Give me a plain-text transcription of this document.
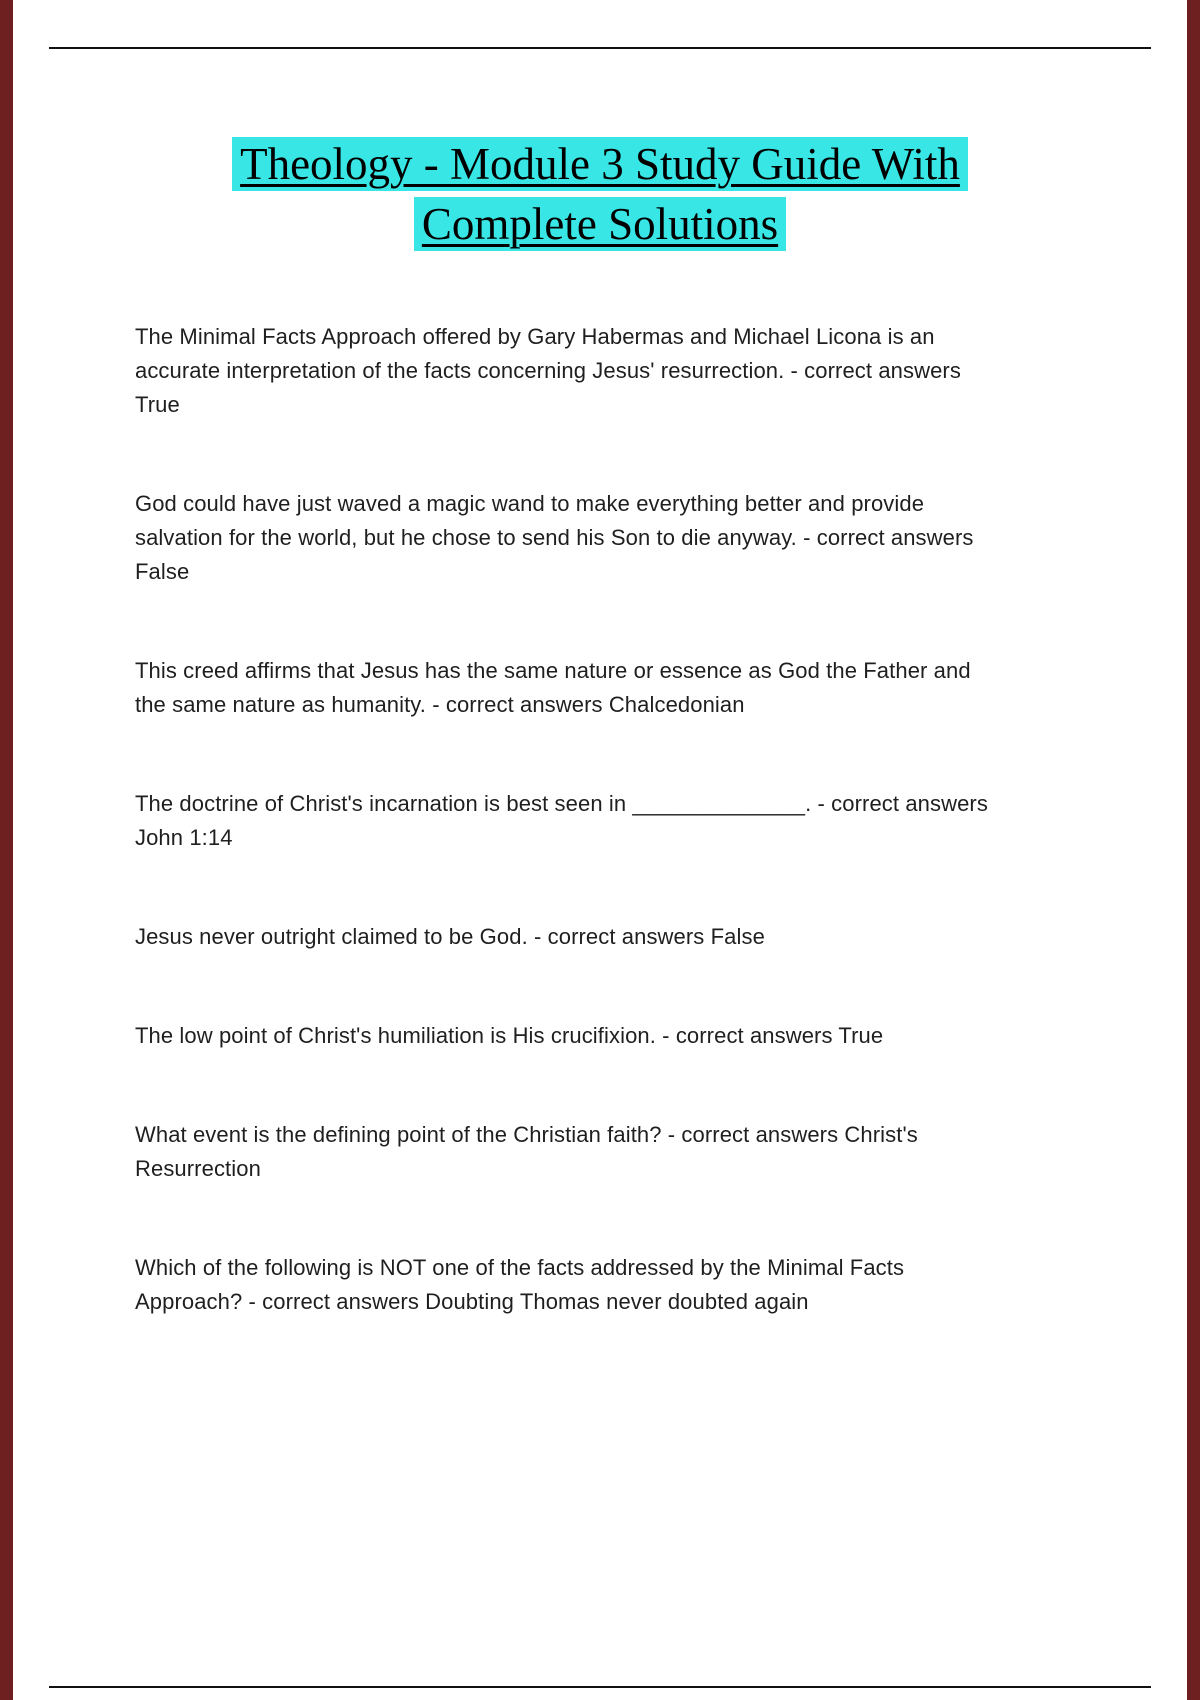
Theology - Module 3 Study Guide With Complete Solutions

The Minimal Facts Approach offered by Gary Habermas and Michael Licona is an accurate interpretation of the facts concerning Jesus' resurrection. - correct answers True

God could have just waved a magic wand to make everything better and provide salvation for the world, but he chose to send his Son to die anyway. - correct answers False

This creed affirms that Jesus has the same nature or essence as God the Father and the same nature as humanity. - correct answers Chalcedonian

The doctrine of Christ's incarnation is best seen in ______________. - correct answers John 1:14

Jesus never outright claimed to be God. - correct answers False

The low point of Christ's humiliation is His crucifixion. - correct answers True

What event is the defining point of the Christian faith? - correct answers Christ's Resurrection

Which of the following is NOT one of the facts addressed by the Minimal Facts Approach? - correct answers Doubting Thomas never doubted again
